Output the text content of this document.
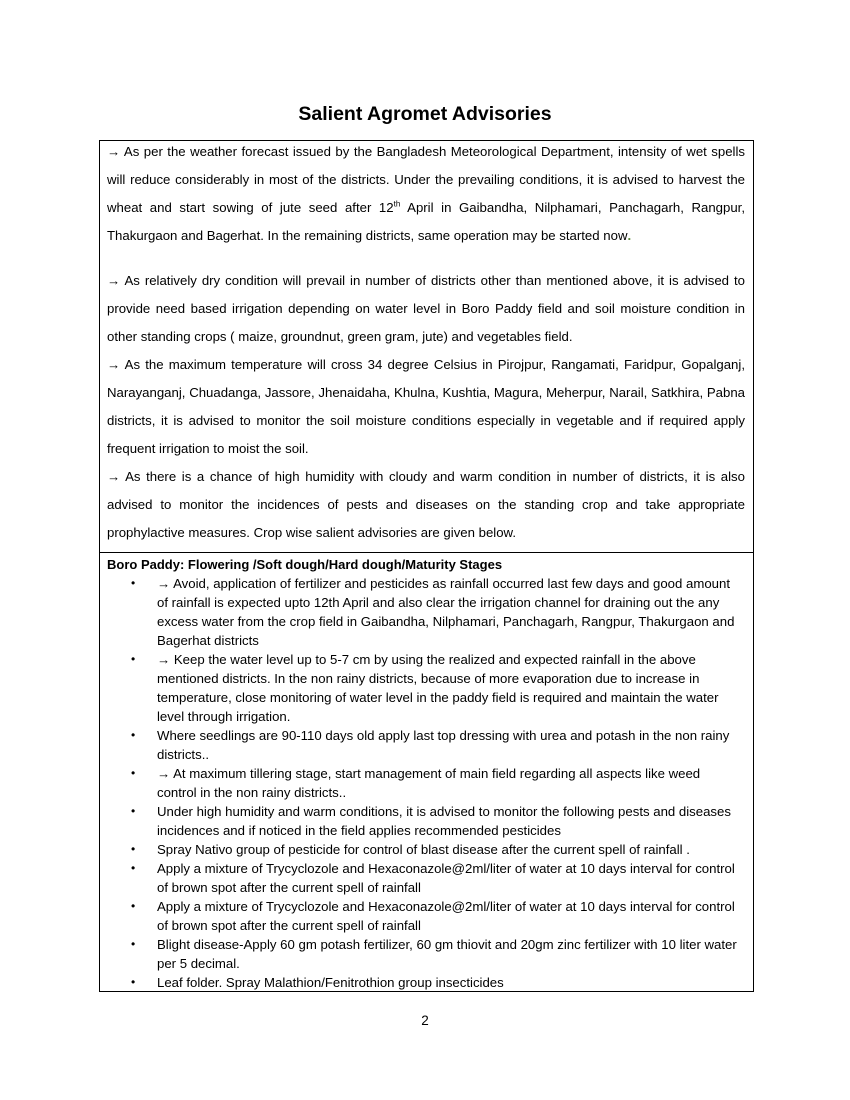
Salient Agromet Advisories
→ As per the weather forecast issued by the Bangladesh Meteorological Department, intensity of wet spells will reduce considerably in most of the districts. Under the prevailing conditions, it is advised to harvest the wheat and start sowing of jute seed after 12th April in Gaibandha, Nilphamari, Panchagarh, Rangpur, Thakurgaon and Bagerhat. In the remaining districts, same operation may be started now.
→ As relatively dry condition will prevail in number of districts other than mentioned above, it is advised to provide need based irrigation depending on water level in Boro Paddy field and soil moisture condition in other standing crops ( maize, groundnut, green gram, jute) and vegetables field.
→ As the maximum temperature will cross 34 degree Celsius in Pirojpur, Rangamati, Faridpur, Gopalganj, Narayanganj, Chuadanga, Jassore, Jhenaidaha, Khulna, Kushtia, Magura, Meherpur, Narail, Satkhira, Pabna districts, it is advised to monitor the soil moisture conditions especially in vegetable and if required apply frequent irrigation to moist the soil.
→ As there is a chance of high humidity with cloudy and warm condition in number of districts, it is also advised to monitor the incidences of pests and diseases on the standing crop and take appropriate prophylactive measures. Crop wise salient advisories are given below.
Boro Paddy: Flowering /Soft dough/Hard dough/Maturity Stages
• → Avoid, application of fertilizer and pesticides as rainfall occurred last few days and good amount of rainfall is expected upto 12th April and also clear the irrigation channel for draining out the any excess water from the crop field in Gaibandha, Nilphamari, Panchagarh, Rangpur, Thakurgaon and Bagerhat districts
• → Keep the water level up to 5-7 cm by using the realized and expected rainfall in the above mentioned districts. In the non rainy districts, because of more evaporation due to increase in temperature, close monitoring of water level in the paddy field is required and maintain the water level through irrigation.
• Where seedlings are 90-110 days old apply last top dressing with urea and potash in the non rainy districts..
• → At maximum tillering stage, start management of main field regarding all aspects like weed control in the non rainy districts..
• Under high humidity and warm conditions, it is advised to monitor the following pests and diseases incidences and if noticed in the field applies recommended pesticides
• Spray Nativo group of pesticide for control of blast disease after the current spell of rainfall .
• Apply a mixture of Trycyclozole and Hexaconazole@2ml/liter of water at 10 days interval for control of brown spot after the current spell of rainfall
• Apply a mixture of Trycyclozole and Hexaconazole@2ml/liter of water at 10 days interval for control of brown spot after the current spell of rainfall
• Blight disease-Apply 60 gm potash fertilizer, 60 gm thiovit and 20gm zinc fertilizer with 10 liter water per 5 decimal.
• Leaf folder. Spray Malathion/Fenitrothion group insecticides
2
